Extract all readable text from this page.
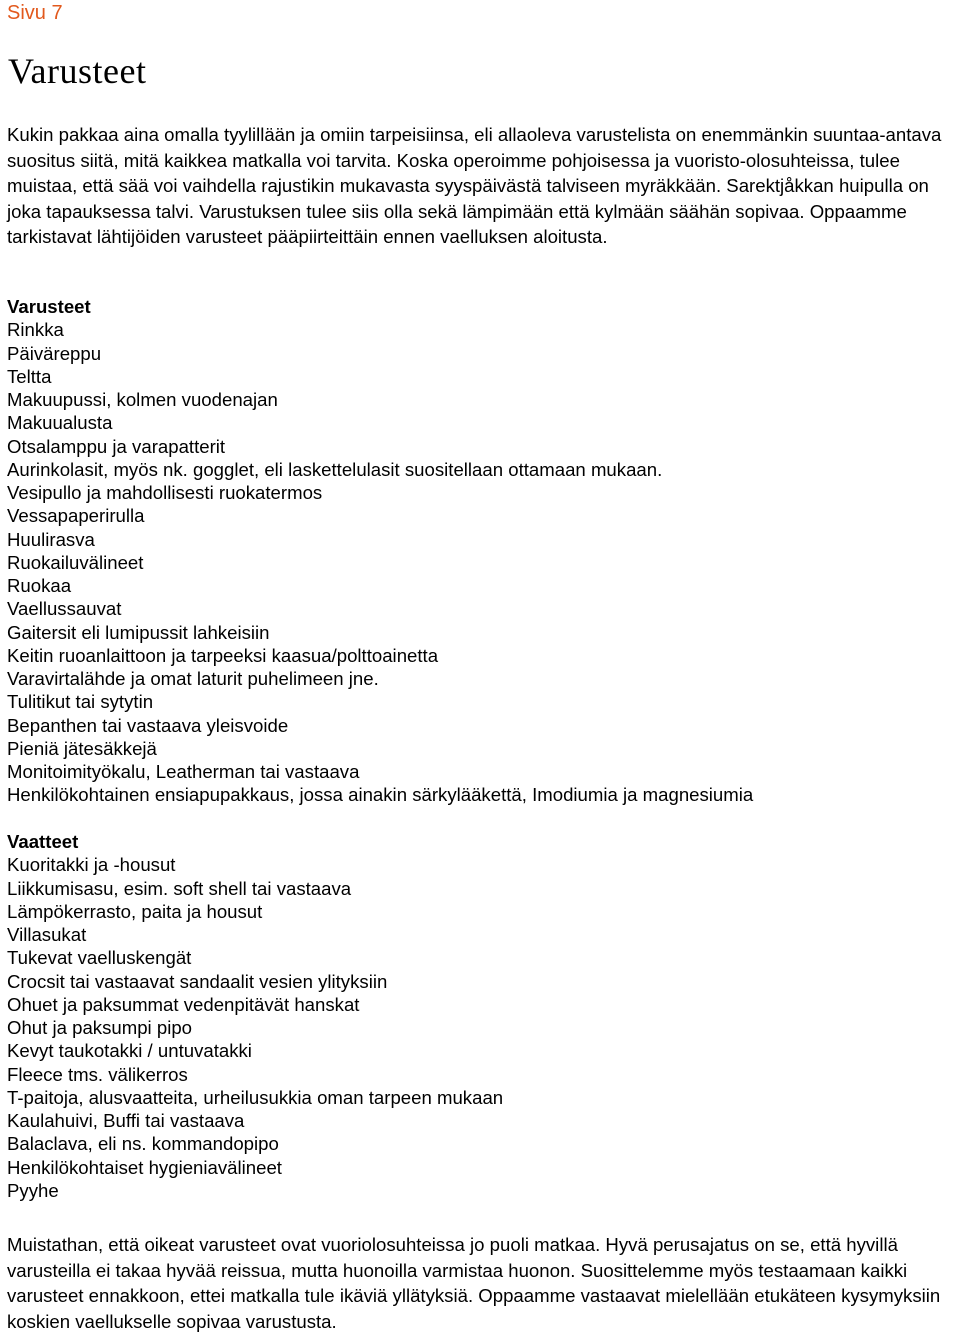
Sivu 7
Varusteet

Kukin pakkaa aina omalla tyylillään ja omiin tarpeisiinsa, eli allaoleva varustelista on enemmänkin suuntaa-antava suositus siitä, mitä kaikkea matkalla voi tarvita. Koska operoimme pohjoisessa ja vuoristo-olosuhteissa, tulee muistaa, että sää voi vaihdella rajustikin mukavasta syyspäivästä talviseen myräkkään. Sarektjåkkan huipulla on joka tapauksessa talvi. Varustuksen tulee siis olla sekä lämpimään että kylmään säähän sopivaa. Oppaamme tarkistavat lähtijöiden varusteet pääpiirteittäin ennen vaelluksen aloitusta.

Varusteet
Rinkka
Päiväreppu
Teltta
Makuupussi, kolmen vuodenajan
Makuualusta
Otsalamppu ja varapatterit
Aurinkolasit, myös nk. gogglet, eli laskettelulasit suositellaan ottamaan mukaan.
Vesipullo ja mahdollisesti ruokatermos
Vessapaperirulla
Huulirasva
Ruokailuvälineet
Ruokaa
Vaellussauvat
Gaitersit eli lumipussit lahkeisiin
Keitin ruoanlaittoon ja tarpeeksi kaasua/polttoainetta
Varavirtalähde ja omat laturit puhelimeen jne.
Tulitikut tai sytytin
Bepanthen tai vastaava yleisvoide
Pieniä jätesäkkejä
Monitoimityökalu, Leatherman tai vastaava
Henkilökohtainen ensiapupakkaus, jossa ainakin särkylääkettä, Imodiumia ja magnesiumia
Vaatteet
Kuoritakki ja -housut
Liikkumisasu, esim. soft shell tai vastaava
Lämpökerrasto, paita ja housut
Villasukat
Tukevat vaelluskengät
Crocsit tai vastaavat sandaalit vesien ylityksiin
Ohuet ja paksummat vedenpitävät hanskat
Ohut ja paksumpi pipo
Kevyt taukotakki / untuvatakki
Fleece tms. välikerros
T-paitoja, alusvaatteita, urheilusukkia oman tarpeen mukaan
Kaulahuivi, Buffi tai vastaava
Balaclava, eli ns. kommandopipo
Henkilökohtaiset hygieniavälineet
Pyyhe

Muistathan, että oikeat varusteet ovat vuoriolosuhteissa jo puoli matkaa. Hyvä perusajatus on se, että hyvillä varusteilla ei takaa hyvää reissua, mutta huonoilla varmistaa huonon. Suosittelemme myös testaamaan kaikki varusteet ennakkoon, ettei matkalla tule ikäviä yllätyksiä. Oppaamme vastaavat mielellään etukäteen kysymyksiin koskien vaellukselle sopivaa varustusta.
